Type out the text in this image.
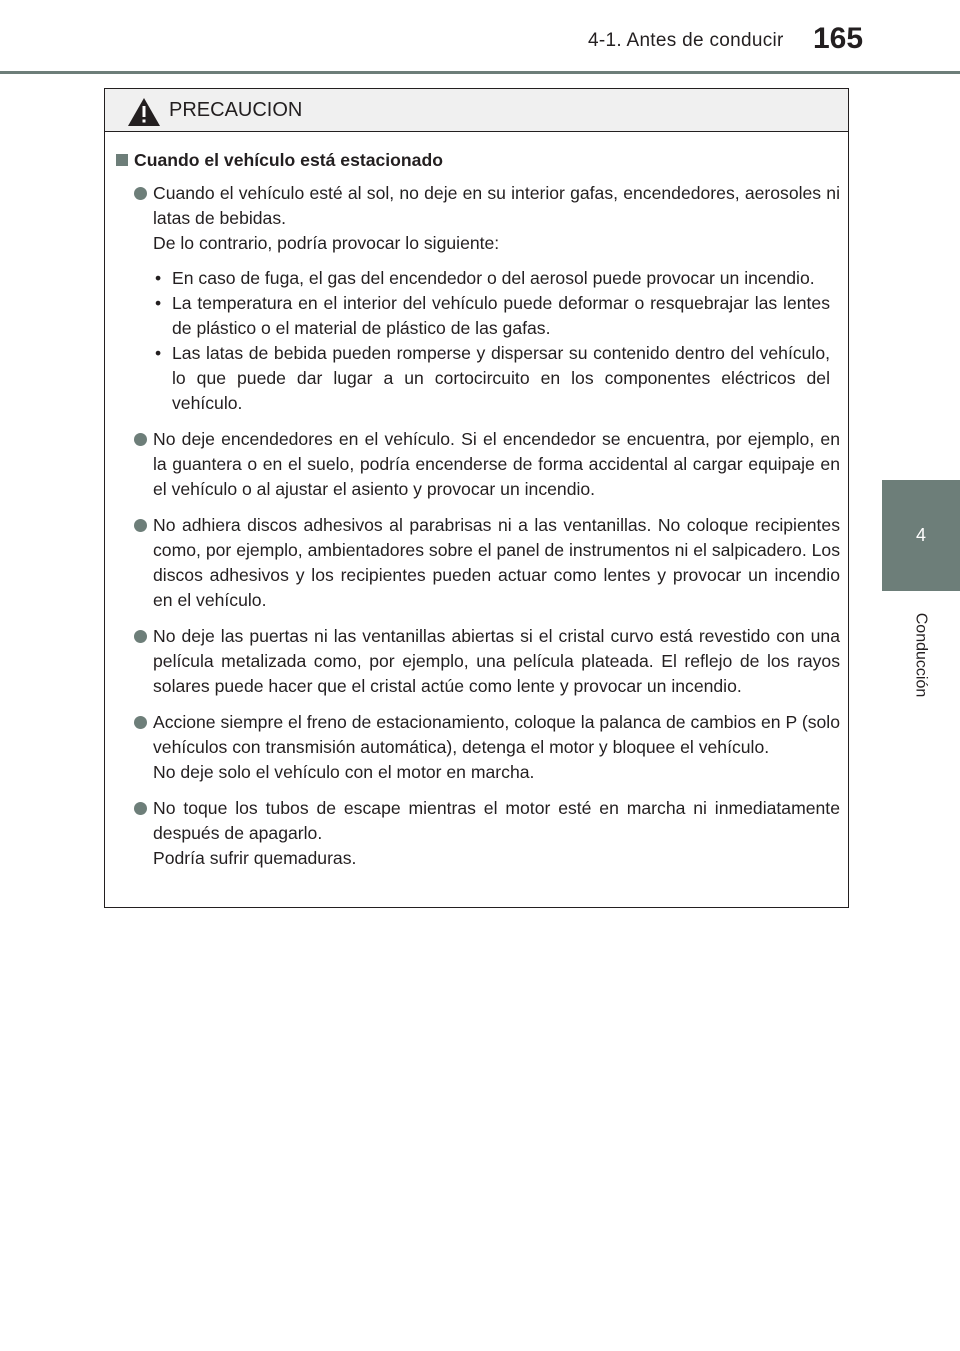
4-1. Antes de conducir 165
4
Conducción
PRECAUCION
Cuando el vehículo está estacionado

Cuando el vehículo esté al sol, no deje en su interior gafas, encendedores, aerosoles ni latas de bebidas.

De lo contrario, podría provocar lo siguiente:

• En caso de fuga, el gas del encendedor o del aerosol puede provocar un incendio.
• La temperatura en el interior del vehículo puede deformar o resquebrajar las lentes de plástico o el material de plástico de las gafas.
• Las latas de bebida pueden romperse y dispersar su contenido dentro del vehículo, lo que puede dar lugar a un cortocircuito en los componentes eléctricos del vehículo.

No deje encendedores en el vehículo. Si el encendedor se encuentra, por ejemplo, en la guantera o en el suelo, podría encenderse de forma accidental al cargar equipaje en el vehículo o al ajustar el asiento y provocar un incendio.

No adhiera discos adhesivos al parabrisas ni a las ventanillas. No coloque recipientes como, por ejemplo, ambientadores sobre el panel de instrumentos ni el salpicadero. Los discos adhesivos y los recipientes pueden actuar como lentes y provocar un incendio en el vehículo.

No deje las puertas ni las ventanillas abiertas si el cristal curvo está revestido con una película metalizada como, por ejemplo, una película plateada. El reflejo de los rayos solares puede hacer que el cristal actúe como lente y provocar un incendio.

Accione siempre el freno de estacionamiento, coloque la palanca de cambios en P (solo vehículos con transmisión automática), detenga el motor y bloquee el vehículo.

No deje solo el vehículo con el motor en marcha.

No toque los tubos de escape mientras el motor esté en marcha ni inmediatamente después de apagarlo.

Podría sufrir quemaduras.
